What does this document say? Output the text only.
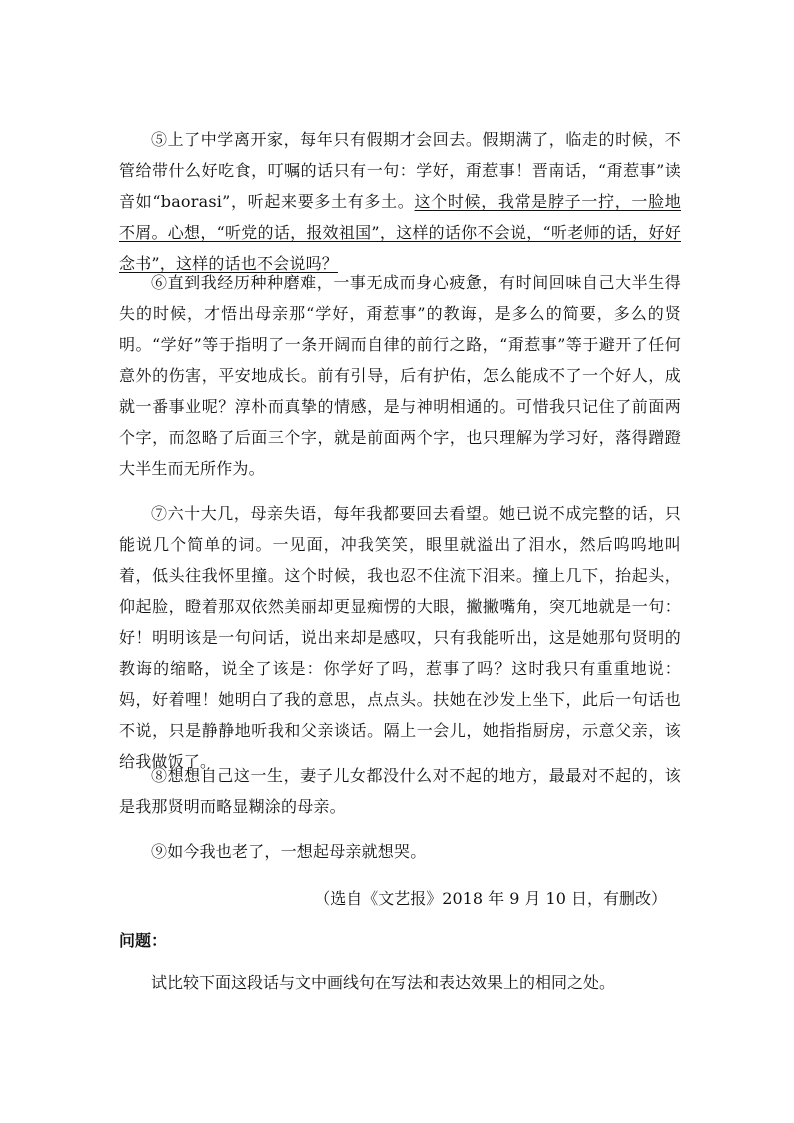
⑤上了中学离开家，每年只有假期才会回去。假期满了，临走的时候，不管给带什么好吃食，叮嘱的话只有一句：学好，甭惹事！晋南话，“甭惹事”读音如“baorasi”，听起来要多土有多土。这个时候，我常是脖子一拧，一脸地不屑。心想，“听党的话，报效祖国”，这样的话你不会说，“听老师的话，好好念书”，这样的话也不会说吗？

⑥直到我经历种种磨难，一事无成而身心疲惫，有时间回味自己大半生得失的时候，才悟出母亲那“学好，甭惹事”的教诲，是多么的简要，多么的贤明。“学好”等于指明了一条开阔而自律的前行之路，“甭惹事”等于避开了任何意外的伤害，平安地成长。前有引导，后有护佑，怎么能成不了一个好人，成就一番事业呢？淳朴而真挚的情感，是与神明相通的。可惜我只记住了前面两个字，而忽略了后面三个字，就是前面两个字，也只理解为学习好，落得蹭蹬大半生而无所作为。

⑦六十大几，母亲失语，每年我都要回去看望。她已说不成完整的话，只能说几个简单的词。一见面，冲我笑笑，眼里就溢出了泪水，然后呜呜地叫着，低头往我怀里撞。这个时候，我也忍不住流下泪来。撞上几下，抬起头，仰起脸，瞪着那双依然美丽却更显痴愣的大眼，撇撇嘴角，突兀地就是一句：好！明明该是一句问话，说出来却是感叹，只有我能听出，这是她那句贤明的教诲的缩略，说全了该是：你学好了吗，惹事了吗？这时我只有重重地说：妈，好着哩！她明白了我的意思，点点头。扶她在沙发上坐下，此后一句话也不说，只是静静地听我和父亲谈话。隔上一会儿，她指指厨房，示意父亲，该给我做饭了。

⑧想想自己这一生，妻子儿女都没什么对不起的地方，最最对不起的，该是我那贤明而略显糊涂的母亲。

⑨如今我也老了，一想起母亲就想哭。

（选自《文艺报》2018 年 9 月 10 日，有删改）

问题：

试比较下面这段话与文中画线句在写法和表达效果上的相同之处。
